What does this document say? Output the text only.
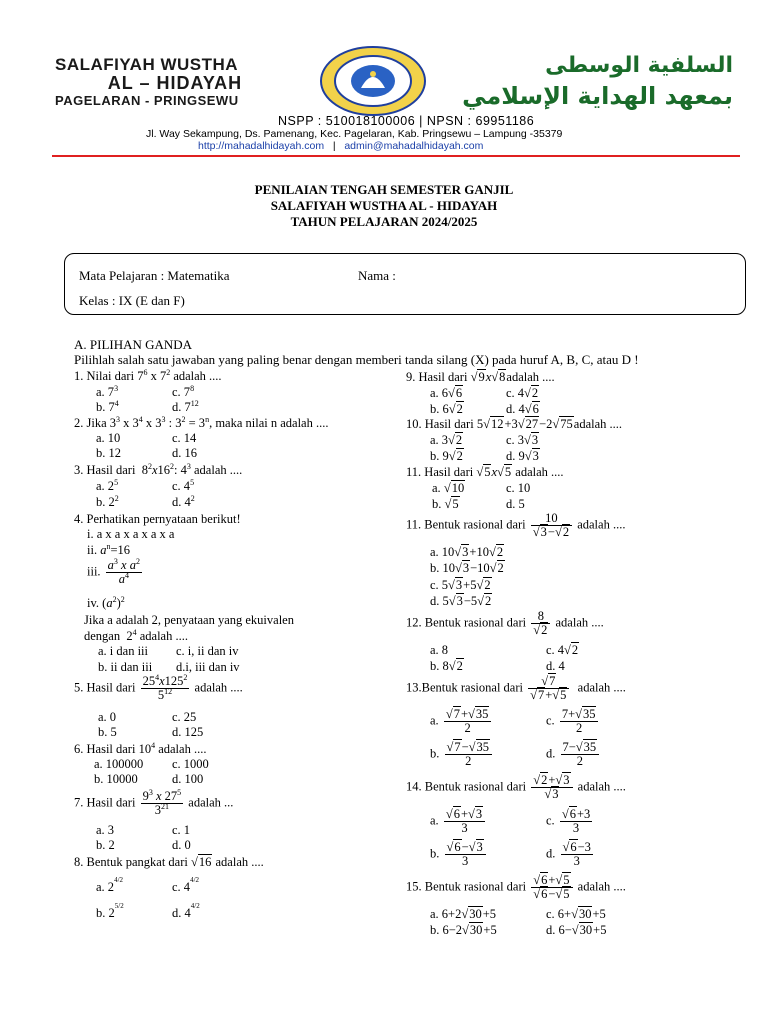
SALAFIYAH WUSTHA
AL – HIDAYAH
PAGELARAN - PRINGSEWU
السلفية الوسطى
بمعهد الهداية الإسلامي
NSPP : 510018100006 | NPSN : 69951186
Jl. Way Sekampung, Ds. Pamenang, Kec. Pagelaran, Kab. Pringsewu – Lampung -35379
http://mahadalhidayah.com   |   admin@mahadalhidayah.com
PENILAIAN TENGAH SEMESTER GANJIL
SALAFIYAH WUSTHA AL - HIDAYAH
TAHUN PELAJARAN 2024/2025
Mata Pelajaran : Matematika	Nama :
Kelas : IX (E dan F)
A. PILIHAN GANDA
Pilihlah salah satu jawaban yang paling benar dengan memberi tanda silang (X) pada huruf A, B, C, atau D !
1. Nilai dari $7^6$ x $7^2$ adalah ....
a. $7^3$	c. $7^8$
b. $7^4$	d. $7^{12}$
2. Jika $3^3$ x $3^4$ x $3^3$ : $3^2 = 3^n$, maka nilai n adalah ....
a. 10	c. 14
b. 12	d. 16
3. Hasil dari  $8^2x16^2$: $4^3$ adalah ....
a. $2^5$	c. $4^5$
b. $2^2$	d. $4^2$
4. Perhatikan pernyataan berikut!
i. a x a x a x a x a
ii. $a^n=16$
iii. $\frac{a^3 x a^2}{a^4}$
iv. $(a^2)^2$
Jika a adalah 2, penyataan yang ekuivalen
dengan  $2^4$ adalah ....
a. i dan iii c. i, ii dan iv
b. ii dan iii d.i, iii dan iv
5. Hasil dari $\frac{25^4x125^2}{5^{12}}$ adalah ....
a. 0	c. 25
b. 5	d. 125
6. Hasil dari $10^4$ adalah ....
a. 100000 c. 1000
b. 10000	d. 100
7. Hasil dari $\frac{9^3 x 27^5}{3^{21}}$ adalah ...
a. 3	c. 1
b. 2	d. 0
8. Bentuk pangkat dari √16 adalah ....
a. $2^{4/2}$	c. $4^{4/2}$
b. $2^{5/2}$	d. $4^{4/2}$
9. Hasil dari √9x√8adalah ....
a. 6√6	c. 4√2
b. 6√2	d. 4√6
10. Hasil dari 5√12+3√27−2√75adalah ....
a. 3√2	c. 3√3
b. 9√2	d. 9√3
11. Hasil dari √5x√5 adalah ....
a. √10	c. 10
b. √5	d. 5
11. Bentuk rasional dari $\frac{10}{√3-√2}$ adalah ....
a. 10√3+10√2
b. 10√3−10√2
c. 5√3+5√2
d. 5√3−5√2
12. Bentuk rasional dari $\frac{8}{√2}$ adalah ....
a. 8	c. 4√2
b. 8√2	d. 4
13.Bentuk rasional dari $\frac{√7}{√7+√5}$ adalah ....
a. $\frac{√7+√35}{2}$	c. $\frac{7+√35}{2}$
b. $\frac{√7-√35}{2}$	d. $\frac{7-√35}{2}$
14. Bentuk rasional dari $\frac{√2+√3}{√3}$ adalah ....
a. $\frac{√6+√3}{3}$	c. $\frac{√6+3}{3}$
b. $\frac{√6-√3}{3}$	d. $\frac{√6-3}{3}$
15. Bentuk rasional dari $\frac{√6+√5}{√6-√5}$ adalah ....
a. 6+2√30+5	c. 6+√30+5
b. 6−2√30+5	d. 6−√30+5
